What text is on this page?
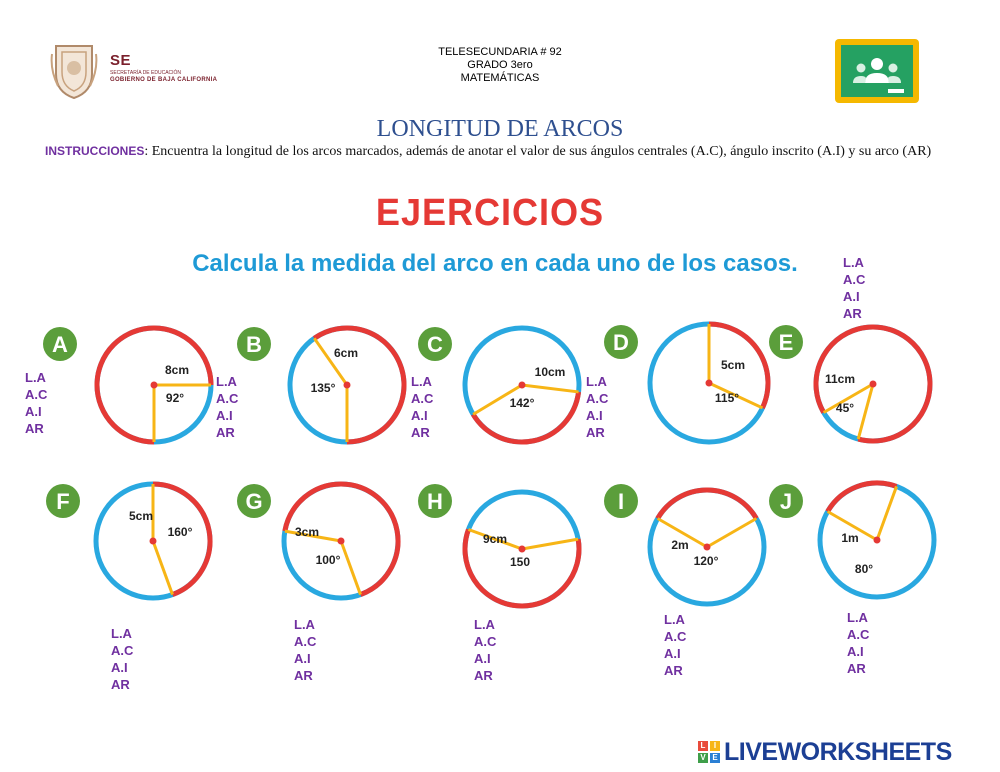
SE
SECRETARÍA DE EDUCACIÓN
GOBIERNO DE BAJA CALIFORNIA
TELESECUNDARIA # 92
GRADO 3ero
MATEMÁTICAS
LONGITUD DE ARCOS
INSTRUCCIONES: Encuentra la longitud de los arcos marcados, además de anotar el valor de sus ángulos centrales (A.C), ángulo inscrito (A.I) y su arco (AR)
EJERCICIOS
Calcula la medida del arco en cada uno de los casos.
A
8cm
92°
B	6cm
135°
C
10cm
142°
D
5cm
115°
E
11cm
45°
F
5cm
160°
G
3cm
100°
H
9cm
150
I
2m
120°
J
1m
80°
L.A
A.C
A.I
AR
L.A
A.C
A.I
AR
L.A
A.C
A.I
AR
L.A
A.C
A.I
AR
L.A
A.C
A.I
AR
L.A
A.C
A.I
AR
L.A
A.C
A.I
AR
L.A
A.C
A.I
AR
L.A
A.C
A.I
AR
L.A
A.C
A.I
AR
L	I
V E LIVEWORKSHEETS
